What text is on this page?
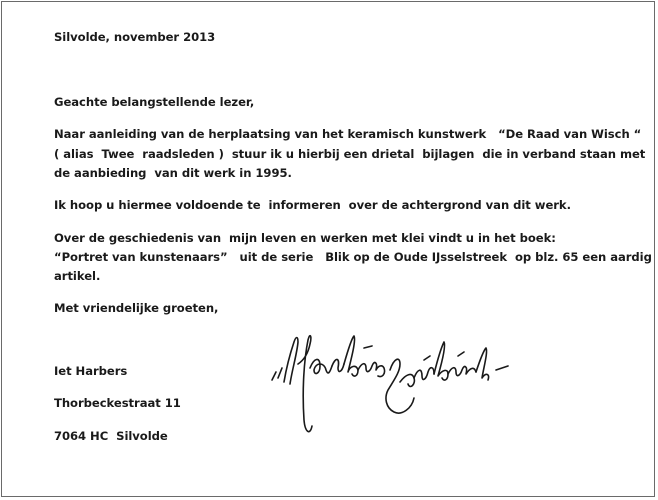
Silvolde, november 2013
Geachte belangstellende lezer,
Naar aanleiding van de herplaatsing van het keramisch kunstwerk   “De Raad van Wisch “
( alias  Twee  raadsleden )  stuur ik u hierbij een drietal  bijlagen  die in verband staan met
de aanbieding  van dit werk in 1995.
Ik hoop u hiermee voldoende te  informeren  over de achtergrond van dit werk.
Over de geschiedenis van  mijn leven en werken met klei vindt u in het boek:
“Portret van kunstenaars”   uit de serie   Blik op de Oude IJsselstreek  op blz. 65 een aardig
artikel.
Met vriendelijke groeten,
Iet Harbers
Thorbeckestraat 11
7064 HC  Silvolde
